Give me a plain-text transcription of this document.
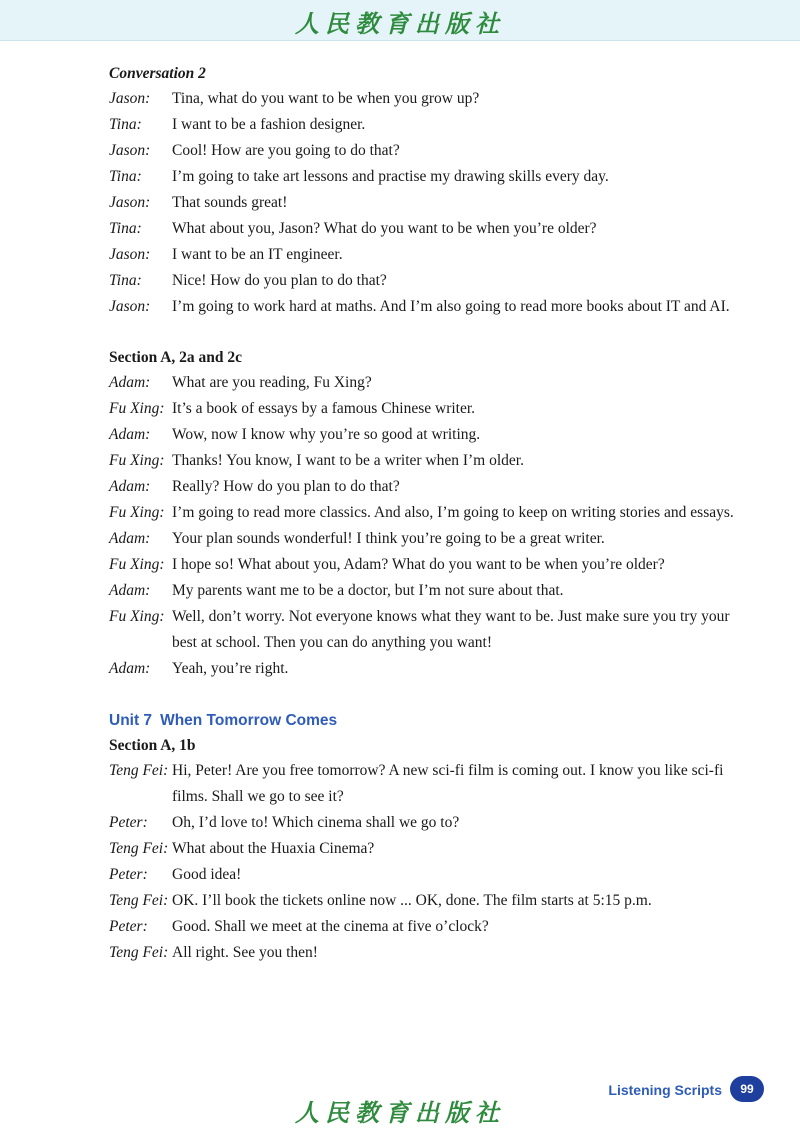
人民教育出版社
Conversation 2
Jason:	Tina, what do you want to be when you grow up?
Tina:	I want to be a fashion designer.
Jason:	Cool! How are you going to do that?
Tina:	I’m going to take art lessons and practise my drawing skills every day.
Jason:	That sounds great!
Tina:	What about you, Jason? What do you want to be when you’re older?
Jason:	I want to be an IT engineer.
Tina:	Nice! How do you plan to do that?
Jason:	I’m going to work hard at maths. And I’m also going to read more books about IT and AI.
Section A, 2a and 2c
Adam:	What are you reading, Fu Xing?
Fu Xing: It’s a book of essays by a famous Chinese writer.
Adam:	Wow, now I know why you’re so good at writing.
Fu Xing: Thanks! You know, I want to be a writer when I’m older.
Adam:	Really? How do you plan to do that?
Fu Xing: I’m going to read more classics. And also, I’m going to keep on writing stories and essays.
Adam:	Your plan sounds wonderful! I think you’re going to be a great writer.
Fu Xing: I hope so! What about you, Adam? What do you want to be when you’re older?
Adam:	My parents want me to be a doctor, but I’m not sure about that.
Fu Xing: Well, don’t worry. Not everyone knows what they want to be. Just make sure you try your best at school. Then you can do anything you want!
Adam:	Yeah, you’re right.
Unit 7 When Tomorrow Comes
Section A, 1b
Teng Fei: Hi, Peter! Are you free tomorrow? A new sci-fi film is coming out. I know you like sci-fi films. Shall we go to see it?
Peter:	Oh, I’d love to! Which cinema shall we go to?
Teng Fei: What about the Huaxia Cinema?
Peter:	Good idea!
Teng Fei: OK. I’ll book the tickets online now ... OK, done. The film starts at 5:15 p.m.
Peter:	Good. Shall we meet at the cinema at five o’clock?
Teng Fei: All right. See you then!
Listening Scripts	99
人民教育出版社
